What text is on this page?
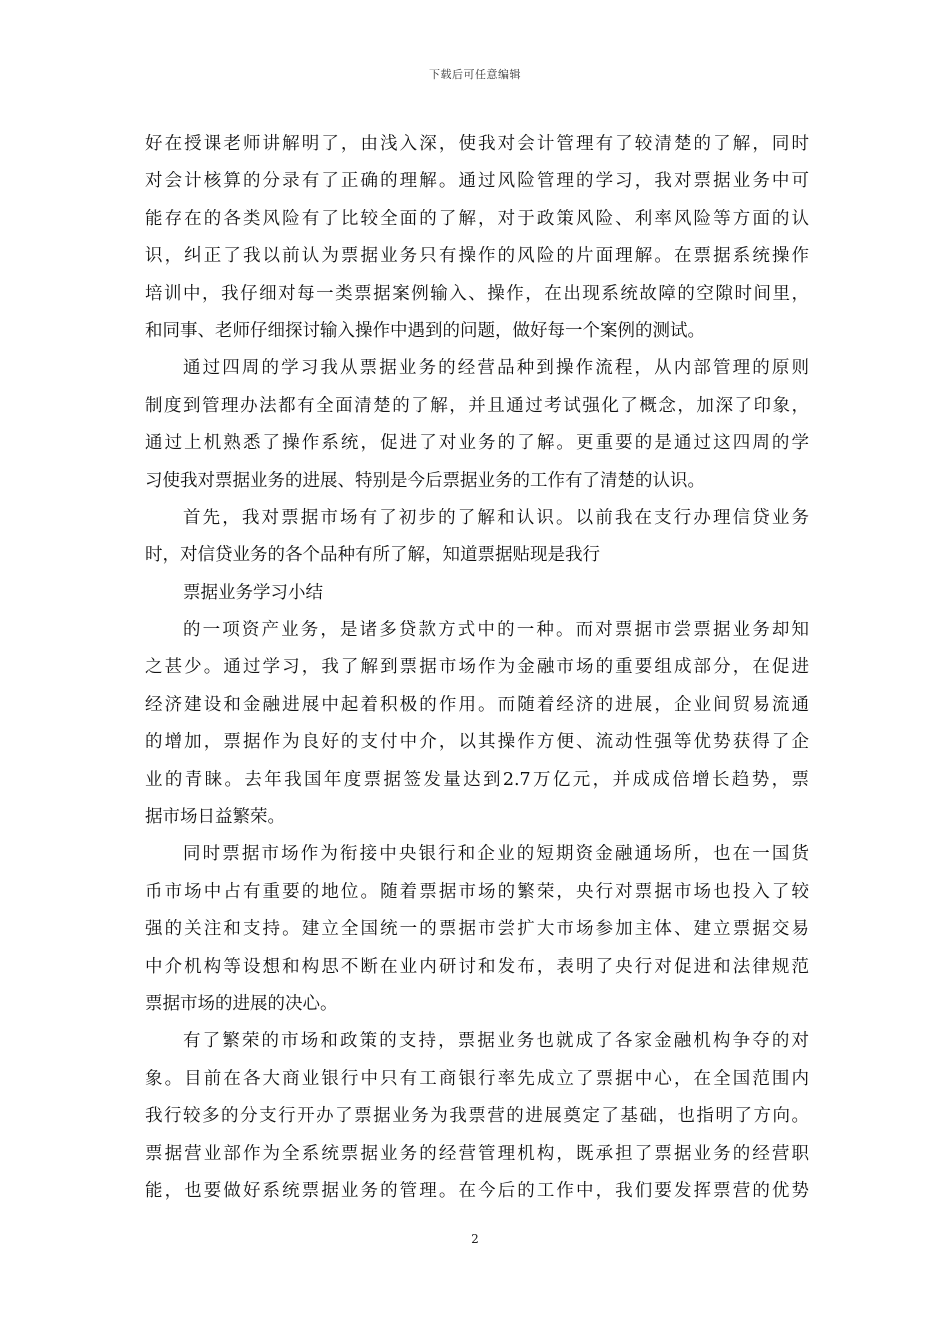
下载后可任意编辑
好在授课老师讲解明了，由浅入深，使我对会计管理有了较清楚的了解，同时
对会计核算的分录有了正确的理解。通过风险管理的学习，我对票据业务中可
能存在的各类风险有了比较全面的了解，对于政策风险、利率风险等方面的认
识，纠正了我以前认为票据业务只有操作的风险的片面理解。在票据系统操作
培训中，我仔细对每一类票据案例输入、操作，在出现系统故障的空隙时间里，
和同事、老师仔细探讨输入操作中遇到的问题，做好每一个案例的测试。
通过四周的学习我从票据业务的经营品种到操作流程，从内部管理的原则
制度到管理办法都有全面清楚的了解，并且通过考试强化了概念，加深了印象，
通过上机熟悉了操作系统，促进了对业务的了解。更重要的是通过这四周的学
习使我对票据业务的进展、特别是今后票据业务的工作有了清楚的认识。
首先，我对票据市场有了初步的了解和认识。以前我在支行办理信贷业务
时，对信贷业务的各个品种有所了解，知道票据贴现是我行
票据业务学习小结
的一项资产业务，是诸多贷款方式中的一种。而对票据市尝票据业务却知
之甚少。通过学习，我了解到票据市场作为金融市场的重要组成部分，在促进
经济建设和金融进展中起着积极的作用。而随着经济的进展，企业间贸易流通
的增加，票据作为良好的支付中介，以其操作方便、流动性强等优势获得了企
业的青睐。去年我国年度票据签发量达到2.7万亿元，并成成倍增长趋势，票
据市场日益繁荣。
同时票据市场作为衔接中央银行和企业的短期资金融通场所，也在一国货
币市场中占有重要的地位。随着票据市场的繁荣，央行对票据市场也投入了较
强的关注和支持。建立全国统一的票据市尝扩大市场参加主体、建立票据交易
中介机构等设想和构思不断在业内研讨和发布，表明了央行对促进和法律规范
票据市场的进展的决心。
有了繁荣的市场和政策的支持，票据业务也就成了各家金融机构争夺的对
象。目前在各大商业银行中只有工商银行率先成立了票据中心，在全国范围内
我行较多的分支行开办了票据业务为我票营的进展奠定了基础，也指明了方向。
票据营业部作为全系统票据业务的经营管理机构，既承担了票据业务的经营职
能，也要做好系统票据业务的管理。在今后的工作中，我们要发挥票营的优势
2
